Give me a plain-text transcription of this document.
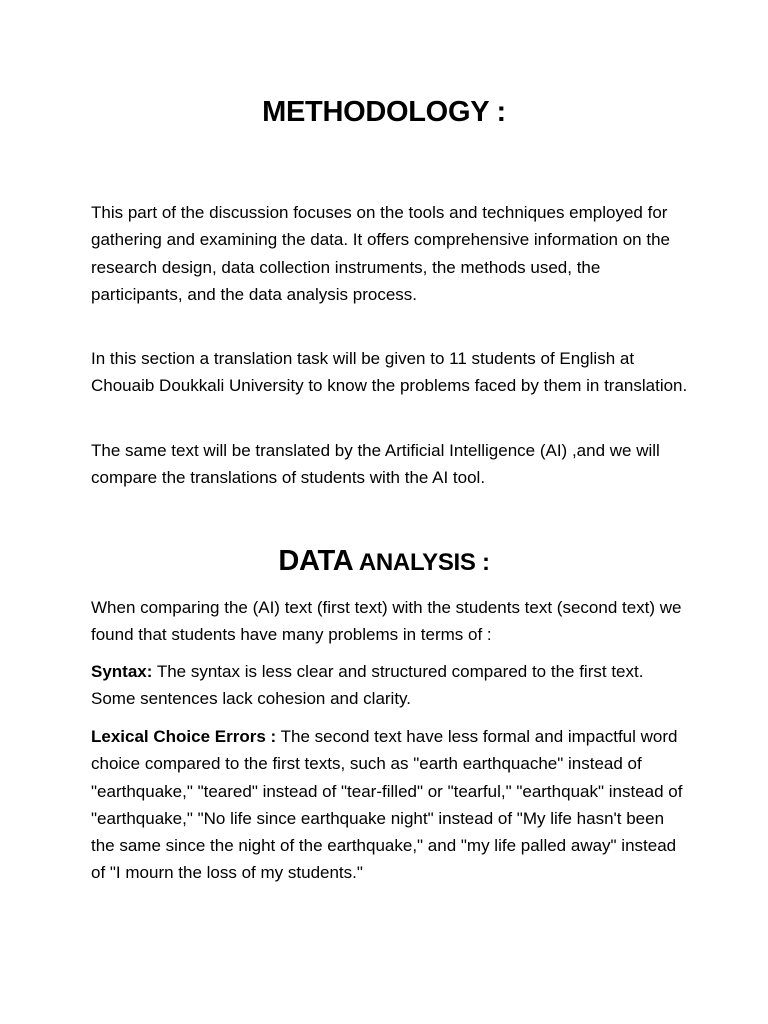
METHODOLOGY :

This part of the discussion focuses on the tools and techniques employed for gathering and examining the data. It offers comprehensive information on the research design, data collection instruments, the methods used, the participants, and the data analysis process.

In this section a translation task will be given to 11 students of English at Chouaib Doukkali University to know the problems faced by them in translation.

The same text will be translated by the Artificial Intelligence (AI) ,and we will compare the translations of students with the AI tool.

DATA ANALYSIS :

When comparing the (AI) text (first text) with the students text (second text) we found that students have many problems in terms of :

Syntax: The syntax is less clear and structured compared to the first text. Some sentences lack cohesion and clarity.

Lexical Choice Errors : The second text have less formal and impactful word choice compared to the first texts, such as "earth earthquache" instead of "earthquake," "teared" instead of "tear-filled" or "tearful," "earthquak" instead of "earthquake," "No life since earthquake night" instead of "My life hasn't been the same since the night of the earthquake," and "my life palled away" instead of "I mourn the loss of my students."
